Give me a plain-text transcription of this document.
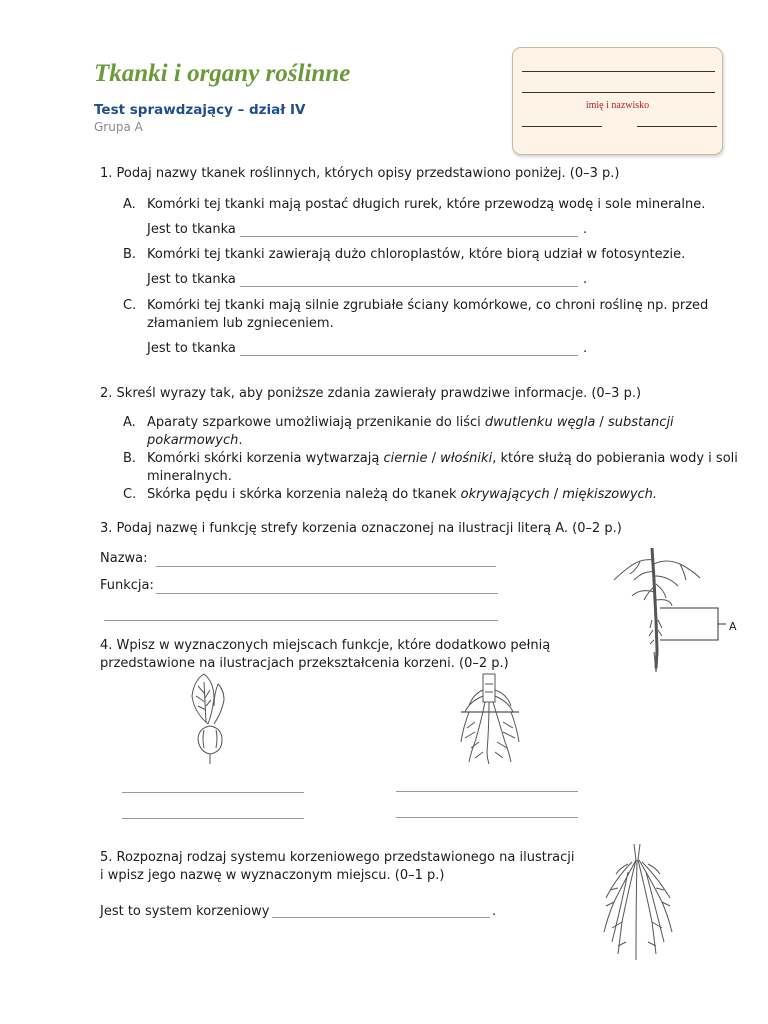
Tkanki i organy roślinne
Test sprawdzający – dział IV
Grupa A
imię i nazwisko
1. Podaj nazwy tkanek roślinnych, których opisy przedstawiono poniżej. (0–3 p.)
A. Komórki tej tkanki mają postać długich rurek, które przewodzą wodę i sole mineralne.
Jest to tkanka	.
B. Komórki tej tkanki zawierają dużo chloroplastów, które biorą udział w fotosyntezie.
Jest to tkanka	.
C. Komórki tej tkanki mają silnie zgrubiałe ściany komórkowe, co chroni roślinę np. przed
złamaniem lub zgnieceniem.
Jest to tkanka	.
2. Skreśl wyrazy tak, aby poniższe zdania zawierały prawdziwe informacje. (0–3 p.)
A. Aparaty szparkowe umożliwiają przenikanie do liści dwutlenku węgla / substancji
pokarmowych.
B. Komórki skórki korzenia wytwarzają ciernie / włośniki, które służą do pobierania wody i soli
mineralnych.
C. Skórka pędu i skórka korzenia należą do tkanek okrywających / miękiszowych.
3. Podaj nazwę i funkcję strefy korzenia oznaczonej na ilustracji literą A. (0–2 p.)
Nazwa:
Funkcja:
A
4. Wpisz w wyznaczonych miejscach funkcje, które dodatkowo pełnią
przedstawione na ilustracjach przekształcenia korzeni. (0–2 p.)
5. Rozpoznaj rodzaj systemu korzeniowego przedstawionego na ilustracji
i wpisz jego nazwę w wyznaczonym miejscu. (0–1 p.)
Jest to system korzeniowy	.
